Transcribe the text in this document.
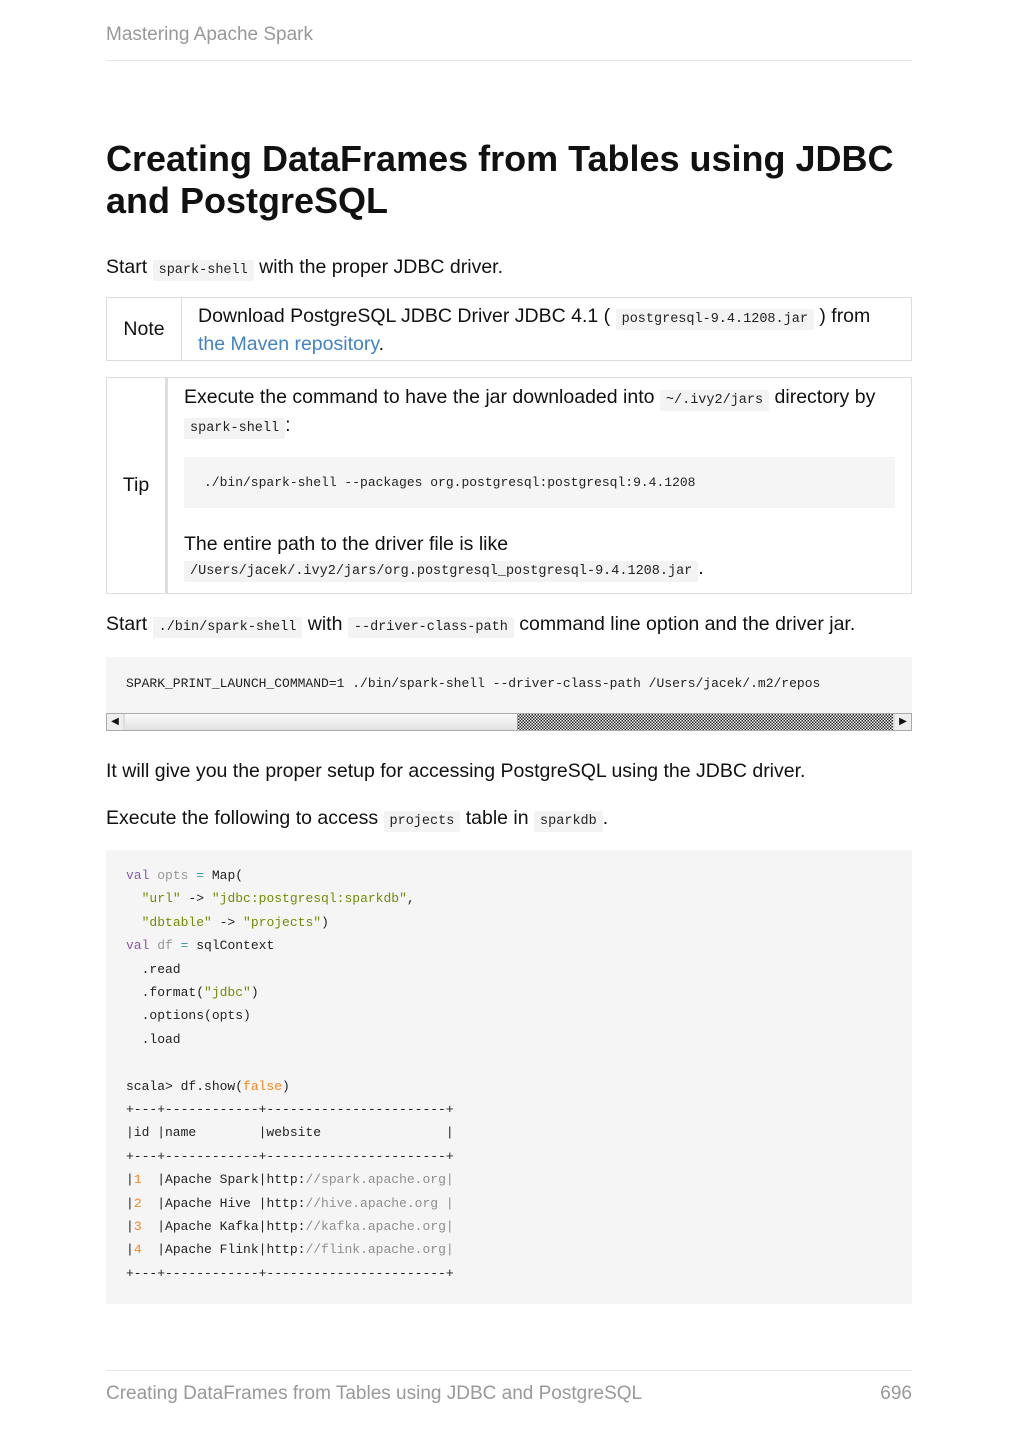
Mastering Apache Spark
Creating DataFrames from Tables using JDBC and PostgreSQL
Start spark-shell with the proper JDBC driver.
Note
Download PostgreSQL JDBC Driver JDBC 4.1 ( postgresql-9.4.1208.jar ) from
the Maven repository.
Tip
Execute the command to have the jar downloaded into ~/.ivy2/jars directory by
spark-shell :
./bin/spark-shell --packages org.postgresql:postgresql:9.4.1208
The entire path to the driver file is like
/Users/jacek/.ivy2/jars/org.postgresql_postgresql-9.4.1208.jar .
Start ./bin/spark-shell with --driver-class-path command line option and the driver jar.
SPARK_PRINT_LAUNCH_COMMAND=1 ./bin/spark-shell --driver-class-path /Users/jacek/.m2/repos
◀	▶
It will give you the proper setup for accessing PostgreSQL using the JDBC driver.
Execute the following to access projects table in sparkdb .
val opts = Map(
"url" -> "jdbc:postgresql:sparkdb",
"dbtable" -> "projects")
val df = sqlContext
.read
.format("jdbc")
.options(opts)
.load
scala> df.show(false)
+---+------------+-----------------------+
|id |name        |website                |
+---+------------+-----------------------+
|1  |Apache Spark|http://spark.apache.org|
|2  |Apache Hive |http://hive.apache.org |
|3  |Apache Kafka|http://kafka.apache.org|
|4  |Apache Flink|http://flink.apache.org|
+---+------------+-----------------------+
Creating DataFrames from Tables using JDBC and PostgreSQL	696
